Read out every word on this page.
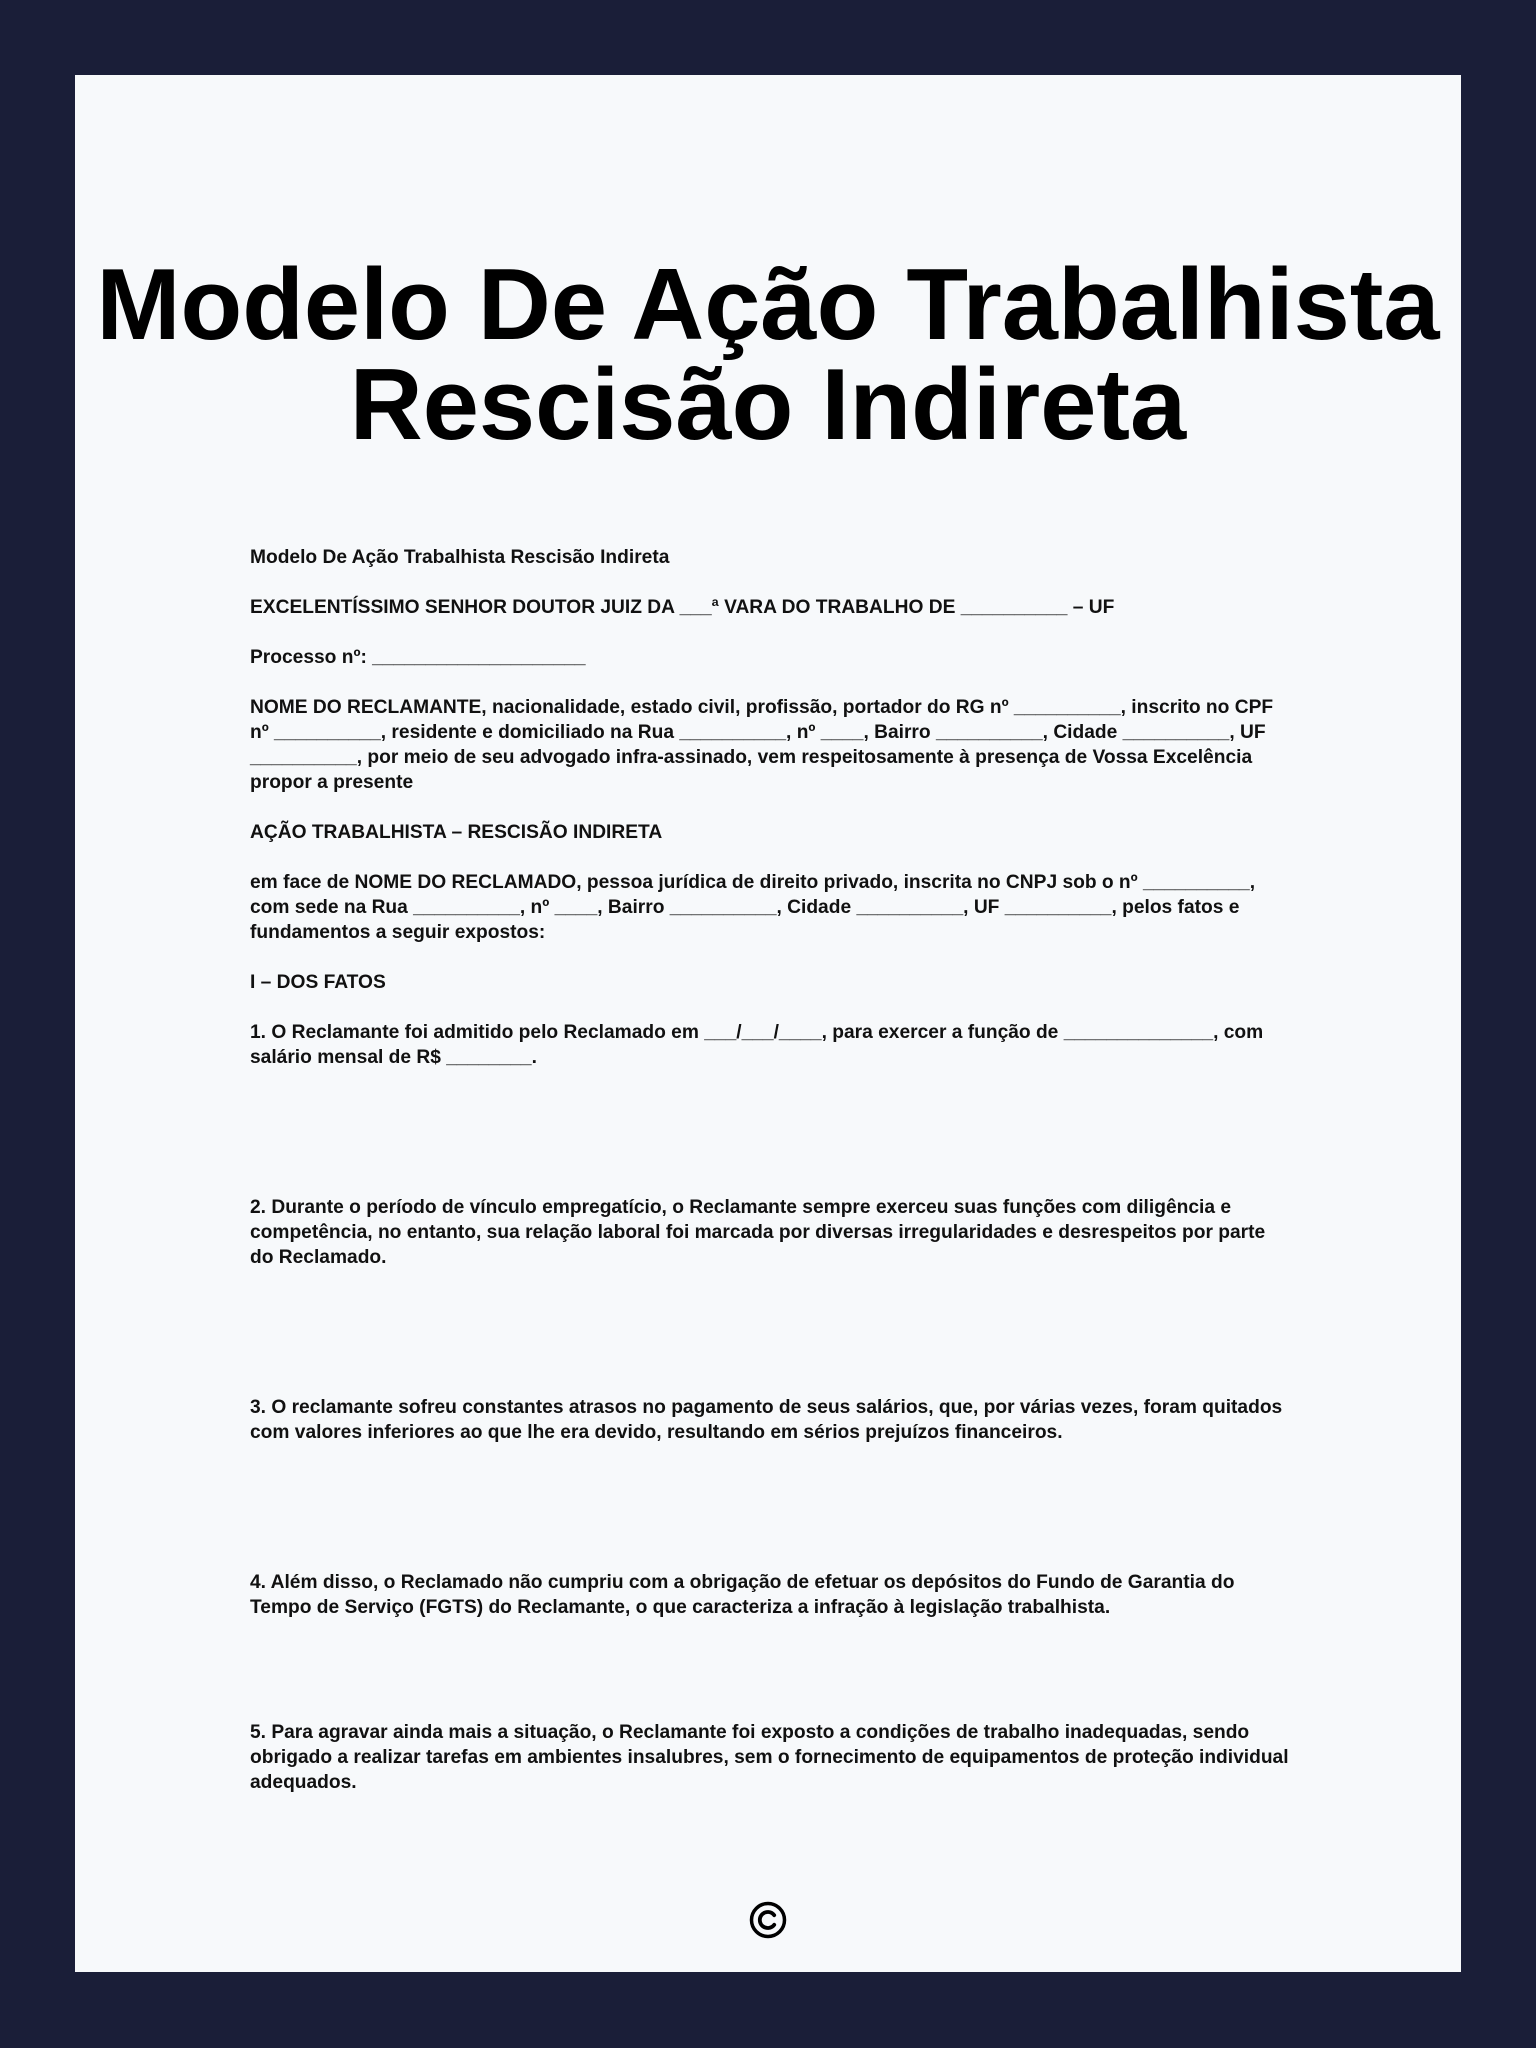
Modelo De Ação Trabalhista
Rescisão Indireta

Modelo De Ação Trabalhista Rescisão Indireta

EXCELENTÍSSIMO SENHOR DOUTOR JUIZ DA ___ª VARA DO TRABALHO DE __________ – UF

Processo nº: ____________________

NOME DO RECLAMANTE, nacionalidade, estado civil, profissão, portador do RG nº __________, inscrito no CPF nº __________, residente e domiciliado na Rua __________, nº ____, Bairro __________, Cidade __________, UF __________, por meio de seu advogado infra-assinado, vem respeitosamente à presença de Vossa Excelência propor a presente

AÇÃO TRABALHISTA – RESCISÃO INDIRETA

em face de NOME DO RECLAMADO, pessoa jurídica de direito privado, inscrita no CNPJ sob o nº __________, com sede na Rua __________, nº ____, Bairro __________, Cidade __________, UF __________, pelos fatos e fundamentos a seguir expostos:

I – DOS FATOS

1. O Reclamante foi admitido pelo Reclamado em ___/___/____, para exercer a função de ______________, com salário mensal de R$ ________.

2. Durante o período de vínculo empregatício, o Reclamante sempre exerceu suas funções com diligência e competência, no entanto, sua relação laboral foi marcada por diversas irregularidades e desrespeitos por parte do Reclamado.

3. O reclamante sofreu constantes atrasos no pagamento de seus salários, que, por várias vezes, foram quitados com valores inferiores ao que lhe era devido, resultando em sérios prejuízos financeiros.

4. Além disso, o Reclamado não cumpriu com a obrigação de efetuar os depósitos do Fundo de Garantia do Tempo de Serviço (FGTS) do Reclamante, o que caracteriza a infração à legislação trabalhista.

5. Para agravar ainda mais a situação, o Reclamante foi exposto a condições de trabalho inadequadas, sendo obrigado a realizar tarefas em ambientes insalubres, sem o fornecimento de equipamentos de proteção individual adequados.
